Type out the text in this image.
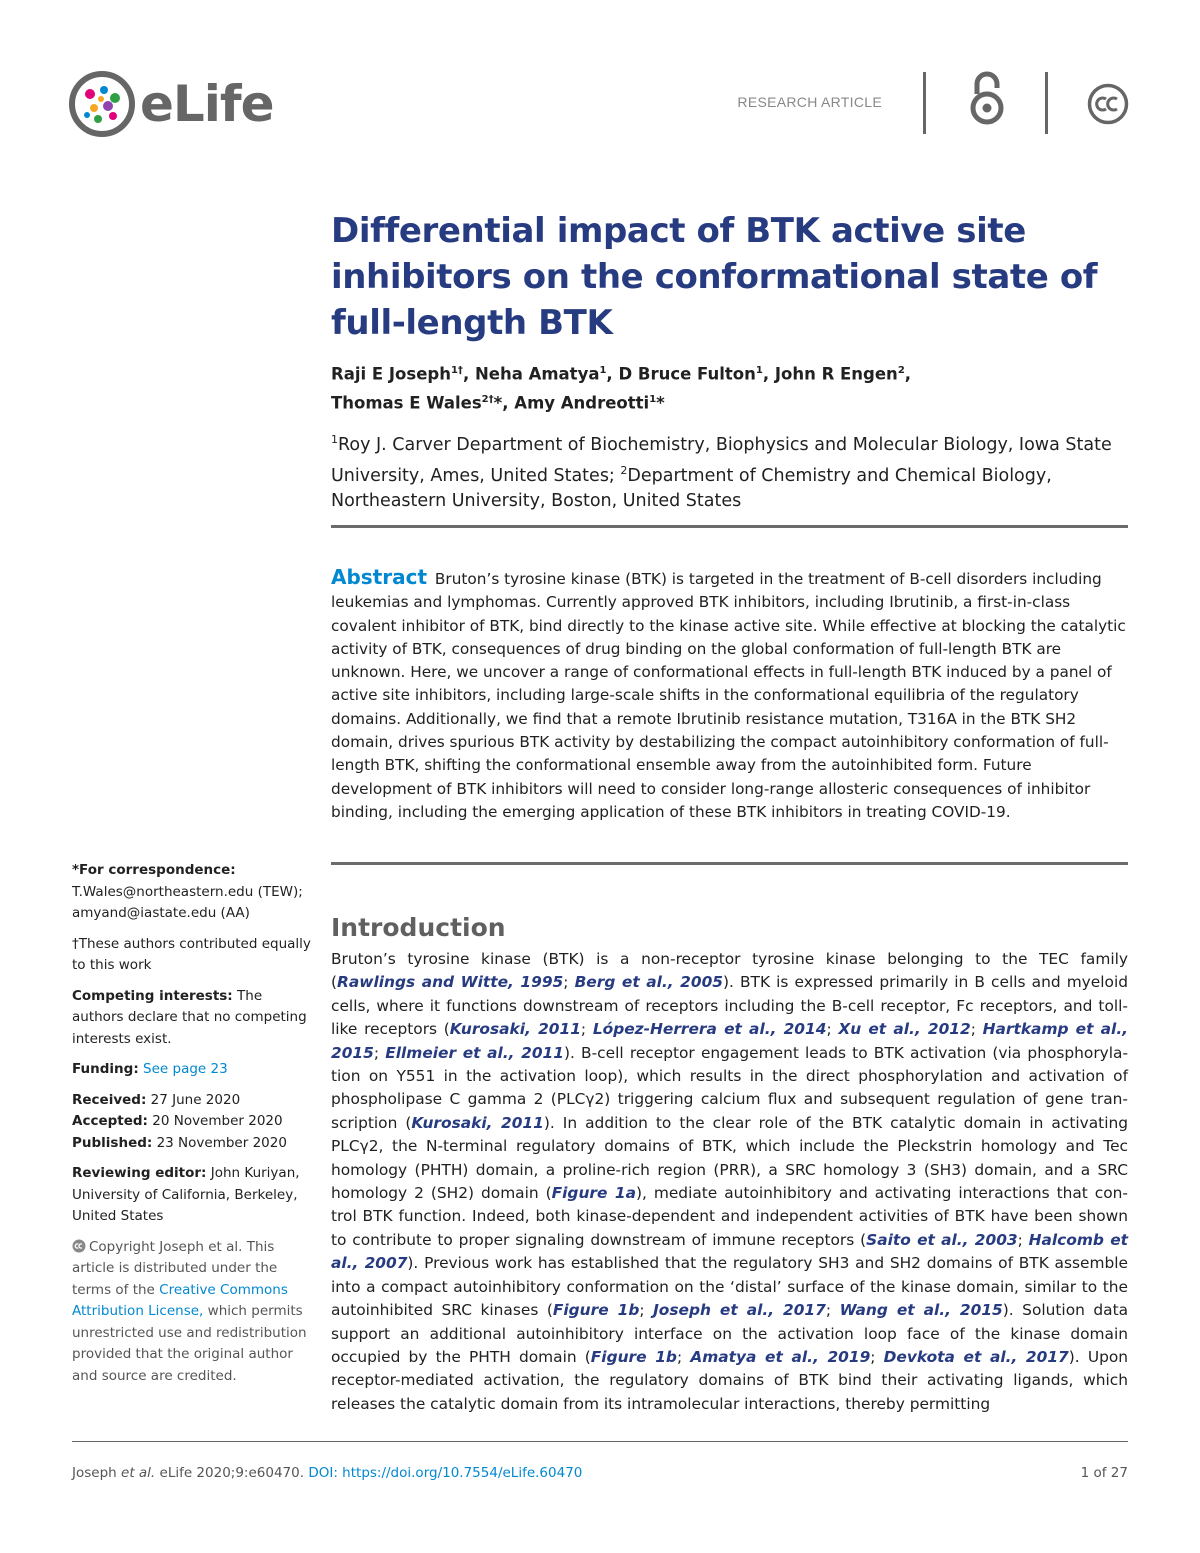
eLife	RESEARCH ARTICLE
Differential impact of BTK active site inhibitors on the conformational state of full-length BTK
Raji E Joseph$^{1\dagger}$, Neha Amatya$^1$, D Bruce Fulton$^1$, John R Engen$^2$,
Thomas E Wales$^{2\dagger}$*, Amy Andreotti$^1$*
$^1$Roy J. Carver Department of Biochemistry, Biophysics and Molecular Biology, Iowa State University, Ames, United States; $^2$Department of Chemistry and Chemical Biology, Northeastern University, Boston, United States
Abstract Bruton’s tyrosine kinase (BTK) is targeted in the treatment of B-cell disorders including leukemias and lymphomas. Currently approved BTK inhibitors, including Ibrutinib, a first-in-class covalent inhibitor of BTK, bind directly to the kinase active site. While effective at blocking the catalytic activity of BTK, consequences of drug binding on the global conformation of full-length BTK are unknown. Here, we uncover a range of conformational effects in full-length BTK induced by a panel of active site inhibitors, including large-scale shifts in the conformational equilibria of the regulatory domains. Additionally, we find that a remote Ibrutinib resistance mutation, T316A in the BTK SH2 domain, drives spurious BTK activity by destabilizing the compact autoinhibitory conformation of full-length BTK, shifting the conformational ensemble away from the autoinhibited form. Future development of BTK inhibitors will need to consider long-range allosteric consequences of inhibitor binding, including the emerging application of these BTK inhibitors in treating COVID-19.
*For correspondence:
T.Wales@northeastern.edu (TEW); amyand@iastate.edu (AA)
†These authors contributed equally to this work
Competing interests: The authors declare that no competing interests exist.
Funding: See page 23
Received: 27 June 2020
Accepted: 20 November 2020
Published: 23 November 2020
Reviewing editor: John Kuriyan, University of California, Berkeley, United States
Copyright Joseph et al. This article is distributed under the terms of the Creative Commons Attribution License, which permits unrestricted use and redistribution provided that the original author and source are credited.
Introduction
Bruton’s tyrosine kinase (BTK) is a non-receptor tyrosine kinase belonging to the TEC family (Rawlings and Witte, 1995; Berg et al., 2005). BTK is expressed primarily in B cells and myeloid cells, where it functions downstream of receptors including the B-cell receptor, Fc receptors, and toll-like receptors (Kurosaki, 2011; López-Herrera et al., 2014; Xu et al., 2012; Hartkamp et al., 2015; Ellmeier et al., 2011). B-cell receptor engagement leads to BTK activation (via phosphoryla-tion on Y551 in the activation loop), which results in the direct phosphorylation and activation of phospholipase C gamma 2 (PLCγ2) triggering calcium flux and subsequent regulation of gene tran-scription (Kurosaki, 2011). In addition to the clear role of the BTK catalytic domain in activating PLCγ2, the N-terminal regulatory domains of BTK, which include the Pleckstrin homology and Tec homology (PHTH) domain, a proline-rich region (PRR), a SRC homology 3 (SH3) domain, and a SRC homology 2 (SH2) domain (Figure 1a), mediate autoinhibitory and activating interactions that con-trol BTK function. Indeed, both kinase-dependent and independent activities of BTK have been shown to contribute to proper signaling downstream of immune receptors (Saito et al., 2003; Halcomb et al., 2007). Previous work has established that the regulatory SH3 and SH2 domains of BTK assemble into a compact autoinhibitory conformation on the ‘distal’ surface of the kinase domain, similar to the autoinhibited SRC kinases (Figure 1b; Joseph et al., 2017; Wang et al., 2015). Solution data support an additional autoinhibitory interface on the activation loop face of the kinase domain occupied by the PHTH domain (Figure 1b; Amatya et al., 2019; Devkota et al., 2017). Upon receptor-mediated activation, the regulatory domains of BTK bind their activating ligands, which releases the catalytic domain from its intramolecular interactions, thereby permitting
Joseph et al. eLife 2020;9:e60470. DOI: https://doi.org/10.7554/eLife.60470	1 of 27
